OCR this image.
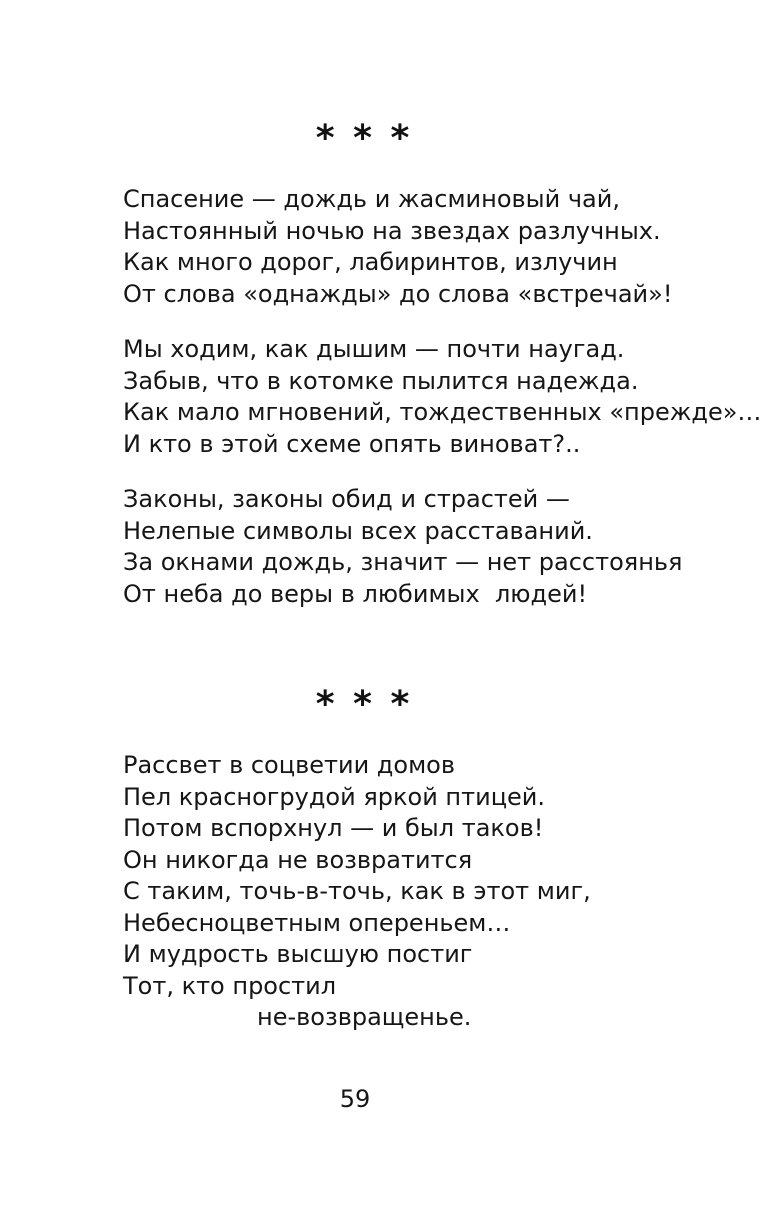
* * *
Спасение — дождь и жасминовый чай,
Настоянный ночью на звездах разлучных.
Как много дорог, лабиринтов, излучин
От слова «однажды» до слова «встречай»!
Мы ходим, как дышим — почти наугад.
Забыв, что в котомке пылится надежда.
Как мало мгновений, тождественных «прежде»…
И кто в этой схеме опять виноват?..
Законы, законы обид и страстей —
Нелепые символы всех расставаний.
За окнами дождь, значит — нет расстоянья
От неба до веры в любимых  людей!
* * *
Рассвет в соцветии домов
Пел красногрудой яркой птицей.
Потом вспорхнул — и был таков!
Он никогда не возвратится
С таким, точь-в-точь, как в этот миг,
Небесноцветным опереньем…
И мудрость высшую постиг
Тот, кто простил
не-возвращенье.
59
